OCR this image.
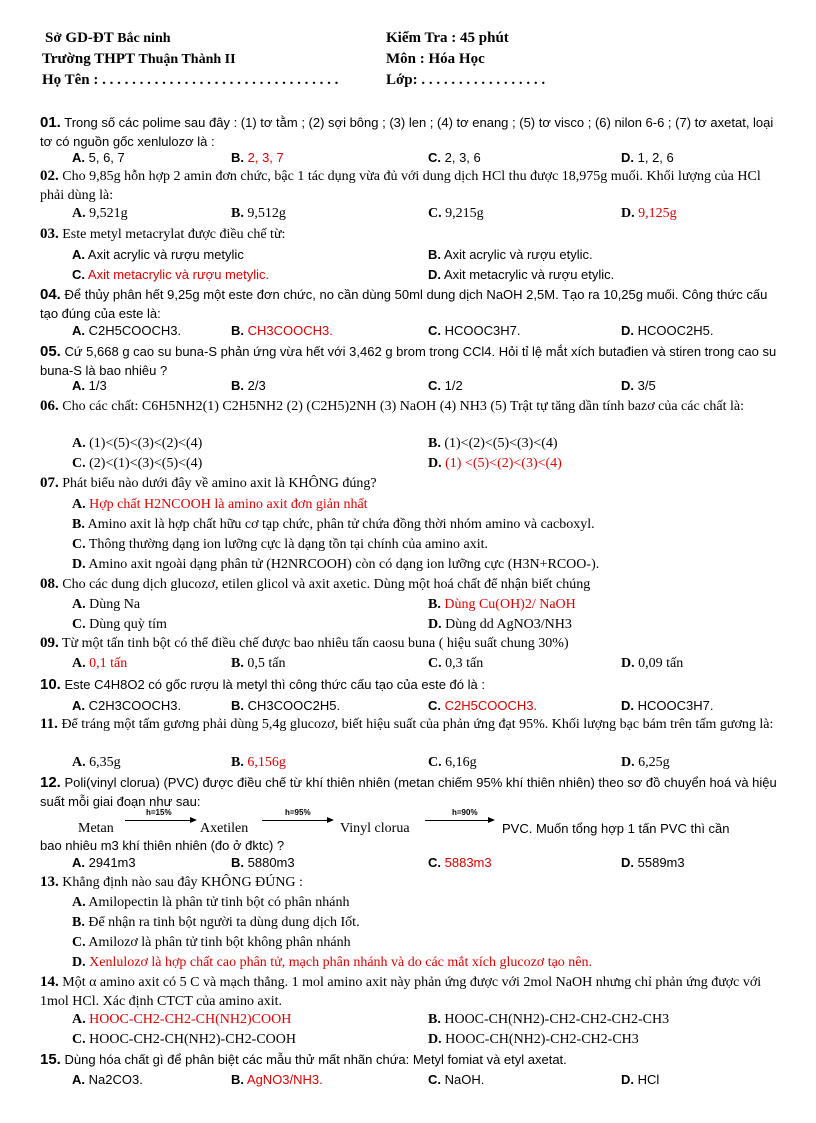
Sở GD-ĐT Bắc ninh
Trường THPT Thuận Thành II
Họ Tên : . . . . . . . . . . . . . . . . . . . . . . . . . . . . . . . .
Kiểm Tra : 45 phút
Môn : Hóa Học
Lớp: . . . . . . . . . . . . . . . . .
01. Trong số các polime sau đây : (1) tơ tằm ; (2) sợi bông ; (3) len ; (4) tơ enang ; (5) tơ visco ; (6) nilon 6-6 ; (7) tơ axetat, loại tơ có nguồn gốc xenlulozơ là :
A. 5, 6, 7	B. 2, 3, 7	C. 2, 3, 6	D. 1, 2, 6
02. Cho 9,85g hỗn hợp 2 amin đơn chức, bậc 1 tác dụng vừa đủ với dung dịch HCl thu được 18,975g muối. Khối lượng của HCl phải dùng là:
A. 9,521g	B. 9,512g	C. 9,215g	D. 9,125g
03. Este metyl metacrylat được điều chế từ:
A. Axit acrylic và rượu metylic	B. Axit acrylic và rượu etylic.
C. Axit metacrylic và rượu metylic.	D. Axit metacrylic và rượu etylic.
04. Để thủy phân hết 9,25g một este đơn chức, no cần dùng 50ml dung dịch NaOH 2,5M. Tạo ra 10,25g muối. Công thức cấu tạo đúng của este là:
A. C2H5COOCH3.	B. CH3COOCH3.	C. HCOOC3H7.	D. HCOOC2H5.
05. Cứ 5,668 g cao su buna-S phản ứng vừa hết với 3,462 g brom trong CCl4. Hỏi tỉ lệ mắt xích butađien và stiren trong cao su buna-S là bao nhiêu ?
A. 1/3	B. 2/3	C. 1/2	D. 3/5
06. Cho các chất: C6H5NH2(1) C2H5NH2 (2) (C2H5)2NH (3) NaOH (4) NH3 (5) Trật tự tăng dần tính bazơ của các chất là:
A. (1)<(5)<(3)<(2)<(4)	B. (1)<(2)<(5)<(3)<(4)
C. (2)<(1)<(3)<(5)<(4)	D. (1) <(5)<(2)<(3)<(4)
07. Phát biểu nào dưới đây về amino axit là KHÔNG đúng?
A. Hợp chất H2NCOOH là amino axit đơn giản nhất
B. Amino axit là hợp chất hữu cơ tạp chức, phân tử chứa đồng thời nhóm amino và cacboxyl.
C. Thông thường dạng ion lưỡng cực là dạng tồn tại chính của amino axit.
D. Amino axit ngoài dạng phân tử (H2NRCOOH) còn có dạng ion lưỡng cực (H3N+RCOO-).
08. Cho các dung dịch glucozơ, etilen glicol và axit axetic. Dùng một hoá chất để nhận biết chúng
A. Dùng Na	B. Dùng Cu(OH)2/ NaOH
C. Dùng quỳ tím	D. Dùng dd AgNO3/NH3
09. Từ một tấn tinh bột có thể điều chế được bao nhiêu tấn caosu buna ( hiệu suất chung 30%)
A. 0,1 tấn	B. 0,5 tấn	C. 0,3 tấn	D. 0,09 tấn
10. Este C4H8O2 có gốc rượu là metyl thì công thức cấu tạo của este đó là :
A. C2H3COOCH3.	B. CH3COOC2H5.	C. C2H5COOCH3.	D. HCOOC3H7.
11. Để tráng một tấm gương phải dùng 5,4g glucozơ, biết hiệu suất của phản ứng đạt 95%. Khối lượng bạc bám trên tấm gương là:
A. 6,35g	B. 6,156g	C. 6,16g	D. 6,25g
12. Poli(vinyl clorua) (PVC) được điều chế từ khí thiên nhiên (metan chiếm 95% khí thiên nhiên) theo sơ đồ chuyển hoá và hiệu suất mỗi giai đoạn như sau:
Metan
h=15%
Axetilen
h=95%
Vinyl clorua
h=90%
PVC. Muốn tổng hợp 1 tấn PVC thì cần
bao nhiêu m3 khí thiên nhiên (đo ở đktc) ?
A. 2941m3	B. 5880m3	C. 5883m3	D. 5589m3
13. Khẳng định nào sau đây KHÔNG ĐÚNG :
A. Amilopectin là phân tử tinh bột có phân nhánh
B. Để nhận ra tinh bột người ta dùng dung dịch Iốt.
C. Amilozơ là phân tử tinh bột không phân nhánh
D. Xenlulozơ là hợp chất cao phân tử, mạch phân nhánh và do các mắt xích glucozơ tạo nên.
14. Một α amino axit có 5 C và mạch thẳng. 1 mol amino axit này phản ứng được với 2mol NaOH nhưng chỉ phản ứng được với 1mol HCl. Xác định CTCT của amino axit.
A. HOOC-CH2-CH2-CH(NH2)COOH	B. HOOC-CH(NH2)-CH2-CH2-CH2-CH3
C. HOOC-CH2-CH(NH2)-CH2-COOH	D. HOOC-CH(NH2)-CH2-CH2-CH3
15. Dùng hóa chất gì để phân biệt các mẫu thử mất nhãn chứa: Metyl fomiat và etyl axetat.
A. Na2CO3.	B. AgNO3/NH3.	C. NaOH.	D. HCl
